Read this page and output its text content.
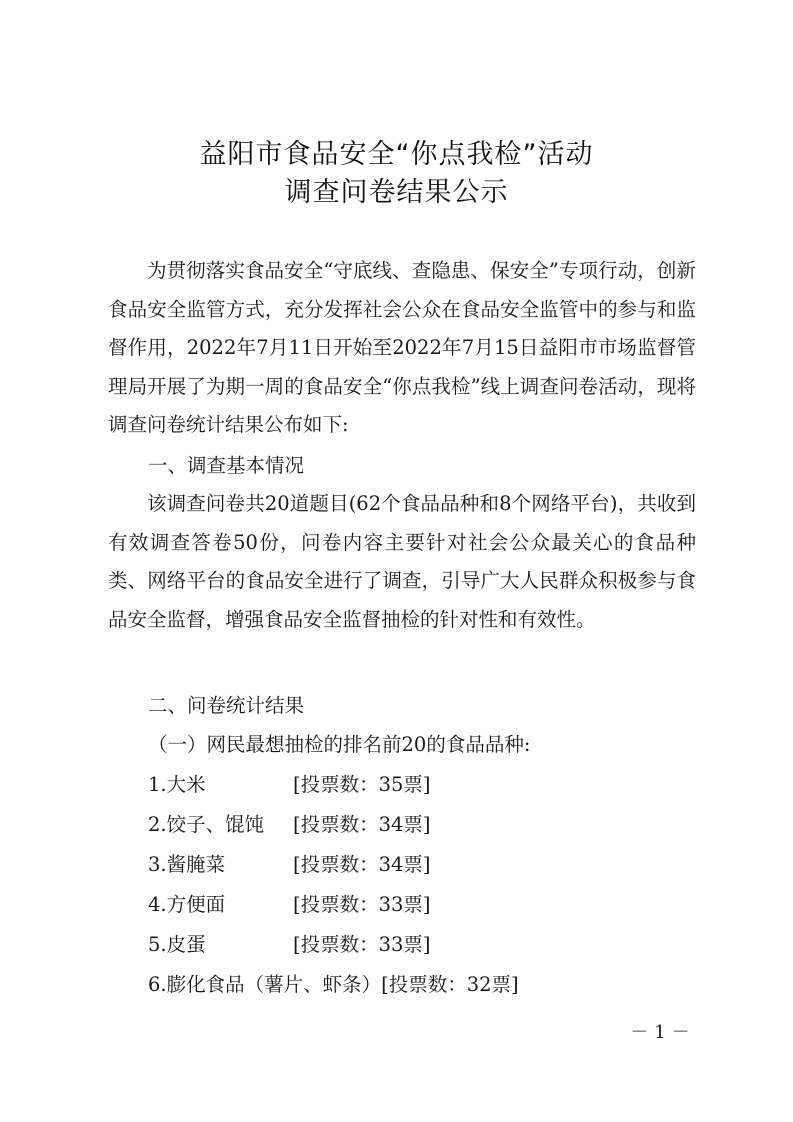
益阳市食品安全“你点我检”活动
调查问卷结果公示
为贯彻落实食品安全“守底线、查隐患、保安全”专项行动，创新食品安全监管方式，充分发挥社会公众在食品安全监管中的参与和监督作用，2022年7月11日开始至2022年7月15日益阳市市场监督管理局开展了为期一周的食品安全“你点我检”线上调查问卷活动，现将调查问卷统计结果公布如下:
一、调查基本情况
该调查问卷共20道题目(62个食品品种和8个网络平台)，共收到有效调查答卷50份，问卷内容主要针对社会公众最关心的食品种类、网络平台的食品安全进行了调查，引导广大人民群众积极参与食品安全监督，增强食品安全监督抽检的针对性和有效性。
二、问卷统计结果
（一）网民最想抽检的排名前20的食品品种:
1.大米	[投票数：35票]
2.饺子、馄饨 [投票数：34票]
3.酱腌菜	[投票数：34票]
4.方便面	[投票数：33票]
5.皮蛋	[投票数：33票]
6.膨化食品（薯片、虾条）[投票数：32票]
－ 1 －
